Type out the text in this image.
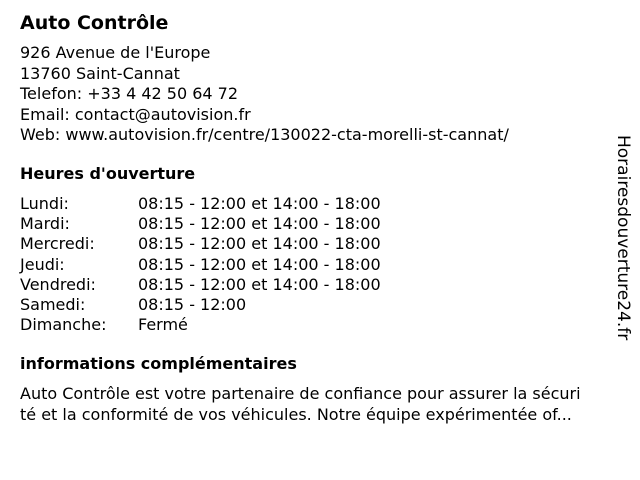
Auto Contrôle
926 Avenue de l'Europe
13760 Saint-Cannat
Telefon: +33 4 42 50 64 72
Email: contact@autovision.fr
Web: www.autovision.fr/centre/130022-cta-morelli-st-cannat/
Heures d'ouverture
Lundi:	08:15 - 12:00 et 14:00 - 18:00
Mardi:	08:15 - 12:00 et 14:00 - 18:00
Mercredi:	08:15 - 12:00 et 14:00 - 18:00
Jeudi:	08:15 - 12:00 et 14:00 - 18:00
Vendredi:	08:15 - 12:00 et 14:00 - 18:00
Samedi:	08:15 - 12:00
Dimanche: Fermé
informations complémentaires
Auto Contrôle est votre partenaire de confiance pour assurer la sécuri
té et la conformité de vos véhicules. Notre équipe expérimentée of...
Horairesdouverture24.fr
